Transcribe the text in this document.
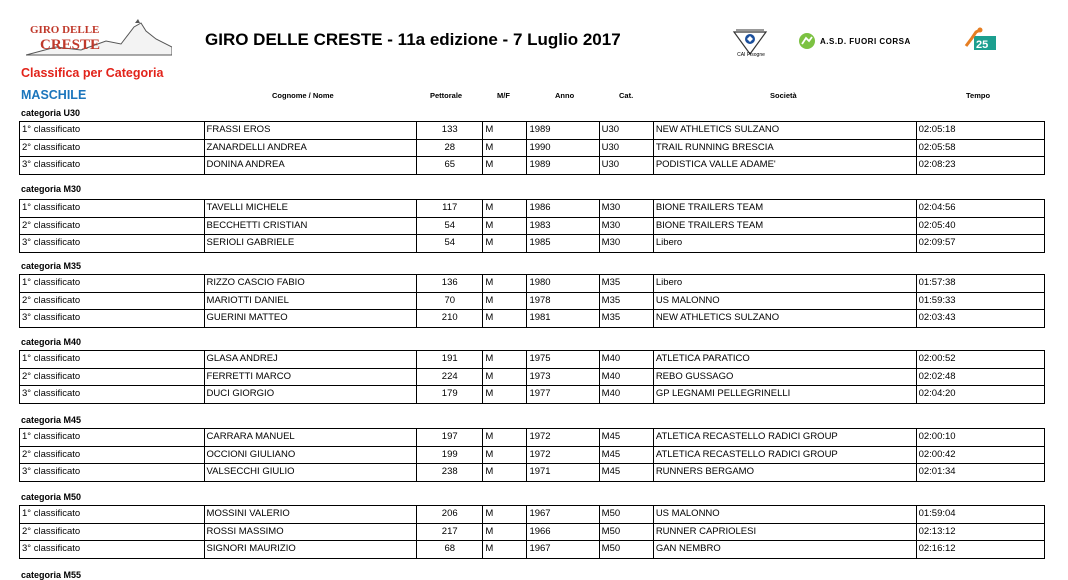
GIRO DELLE
CRESTE	GIRO DELLE CRESTE - 11a edizione - 7 Luglio 2017
CAI Pisogne
A.S.D. FUORI CORSA	25
Classifica per Categoria
MASCHILE	Cognome / Nome	Pettorale	M/F	Anno	Cat.	Società	Tempo
categoria U30
1° classificato	FRASSI EROS	133	M	1989	U30	NEW ATHLETICS SULZANO	02:05:18
2° classificato	ZANARDELLI ANDREA	28	M	1990	U30	TRAIL RUNNING BRESCIA	02:05:58
3° classificato	DONINA ANDREA	65	M	1989	U30	PODISTICA VALLE ADAME'	02:08:23
categoria M30
1° classificato	TAVELLI MICHELE	117	M	1986	M30	BIONE TRAILERS TEAM	02:04:56
2° classificato	BECCHETTI CRISTIAN	54	M	1983	M30	BIONE TRAILERS TEAM	02:05:40
3° classificato	SERIOLI GABRIELE	54	M	1985	M30	Libero	02:09:57
categoria M35
1° classificato	RIZZO CASCIO FABIO	136	M	1980	M35	Libero	01:57:38
2° classificato	MARIOTTI DANIEL	70	M	1978	M35	US MALONNO	01:59:33
3° classificato	GUERINI MATTEO	210	M	1981	M35	NEW ATHLETICS SULZANO	02:03:43
categoria M40
1° classificato	GLASA ANDREJ	191	M	1975	M40	ATLETICA PARATICO	02:00:52
2° classificato	FERRETTI MARCO	224	M	1973	M40	REBO GUSSAGO	02:02:48
3° classificato	DUCI GIORGIO	179	M	1977	M40	GP LEGNAMI PELLEGRINELLI	02:04:20
categoria M45
1° classificato	CARRARA MANUEL	197	M	1972	M45	ATLETICA RECASTELLO RADICI GROUP	02:00:10
2° classificato	OCCIONI GIULIANO	199	M	1972	M45	ATLETICA RECASTELLO RADICI GROUP	02:00:42
3° classificato	VALSECCHI GIULIO	238	M	1971	M45	RUNNERS BERGAMO	02:01:34
categoria M50
1° classificato	MOSSINI VALERIO	206	M	1967	M50	US MALONNO	01:59:04
2° classificato	ROSSI MASSIMO	217	M	1966	M50	RUNNER CAPRIOLESI	02:13:12
3° classificato	SIGNORI MAURIZIO	68	M	1967	M50	GAN NEMBRO	02:16:12
categoria M55
